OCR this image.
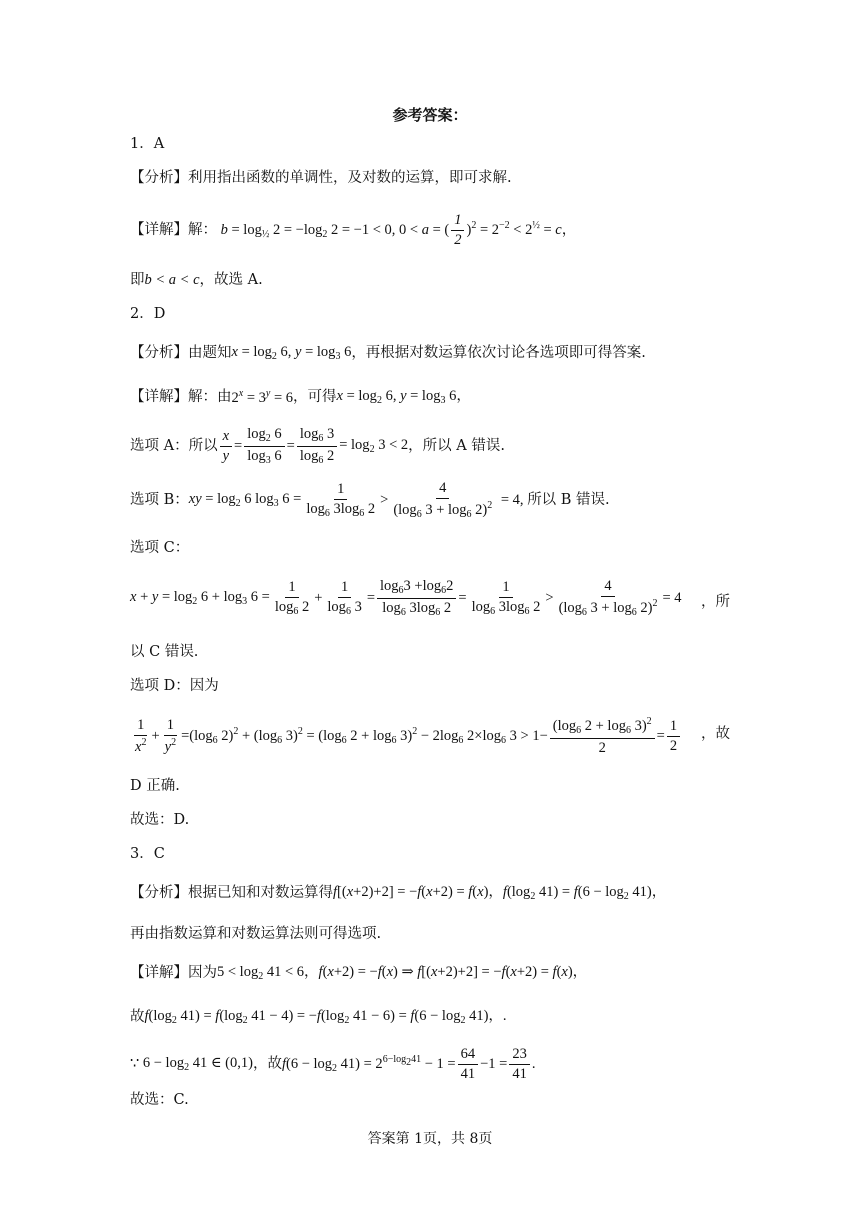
参考答案：
1．A
【分析】利用指出函数的单调性，及对数的运算，即可求解.
【详解】解： $b = \log_{\frac{1}{2}} 2 = -\log_2$ 2 = −1 < 0, 0 < a = ( $\frac{1}{2} )^2 = 2^{-2} < 2^{\frac{1}{2}} = c$，
即 b < a < c ，故选 A.
2．D
【分析】由题知 $x = \log_2 6$, $y = \log_3 6$ ，再根据对数运算依次讨论各选项即可得答案.
【详解】解：由 $2^x = 3^y = 6$ ，可得 $x = \log_2 6$, $y = \log_3 6$，
选项 A：所以 $\frac{x}{y} = \frac{\log_2 6}{\log_3 6} = \frac{\log_6 3}{\log_6 2} = \log_2 3 < 2$ ，所以 A 错误.
选项 B： xy = $\log_2 6$ $\log_3 6 = \frac{1}{\log_6 3\log_6 2} > \frac{4}{(\log_6 3 + \log_6 2)^2} = 4$, 所以 B 错误.
选项 C：
$x + y = \log_2 6 + \log_3 6 = \frac{1}{\log_6 2} + \frac{1}{\log_6 3} = \frac{\log_63 +\log_62}{\log_6 3\log_6 2} = \frac{1}{\log_6 3\log_6 2} > \frac{4}{(\log_6 3 + \log_6 2)^2} = 4$ ，所
以 C 错误.
选项 D：因为
$\frac{1}{x^2} + \frac{1}{y^2} =(\log_6$ $2)^2 + (\log_6$ $3)^2 = (\log_6$ $2 + \log_6 3)^2 - 2\log_6$ $2\times\log_6$ $3 > 1- \frac{(\log_6 2 + \log_6 3)^2}{2} = \frac{1}{2}$ ，故
D 正确.
故选：D.
3．C
【分析】根据已知和对数运算得 f[(x+2)+2] = −f(x+2) = f(x)，$f(\log_2$ $41) = f(6 - \log_2 41)$，
再由指数运算和对数运算法则可得选项.
【详解】因为 $5 < \log_2 41 < 6$，f(x+2) = −f(x) ⇒ f[(x+2)+2] = −f(x+2) = f(x)，
故 $f(\log_2$ $41) = f(\log_2$ $41 - 4) = -f(\log_2$ $41 - 6) = f(6 - \log_2 41)$，.
∵ $6 - \log_2 41$ ∈ (0,1) ，故 $f(6 - \log_2 41) = 2^{6-log_241} - 1 = \frac{64}{41} -1 = \frac{23}{41}$ .
故选：C.
答案第 1页，共 8页
